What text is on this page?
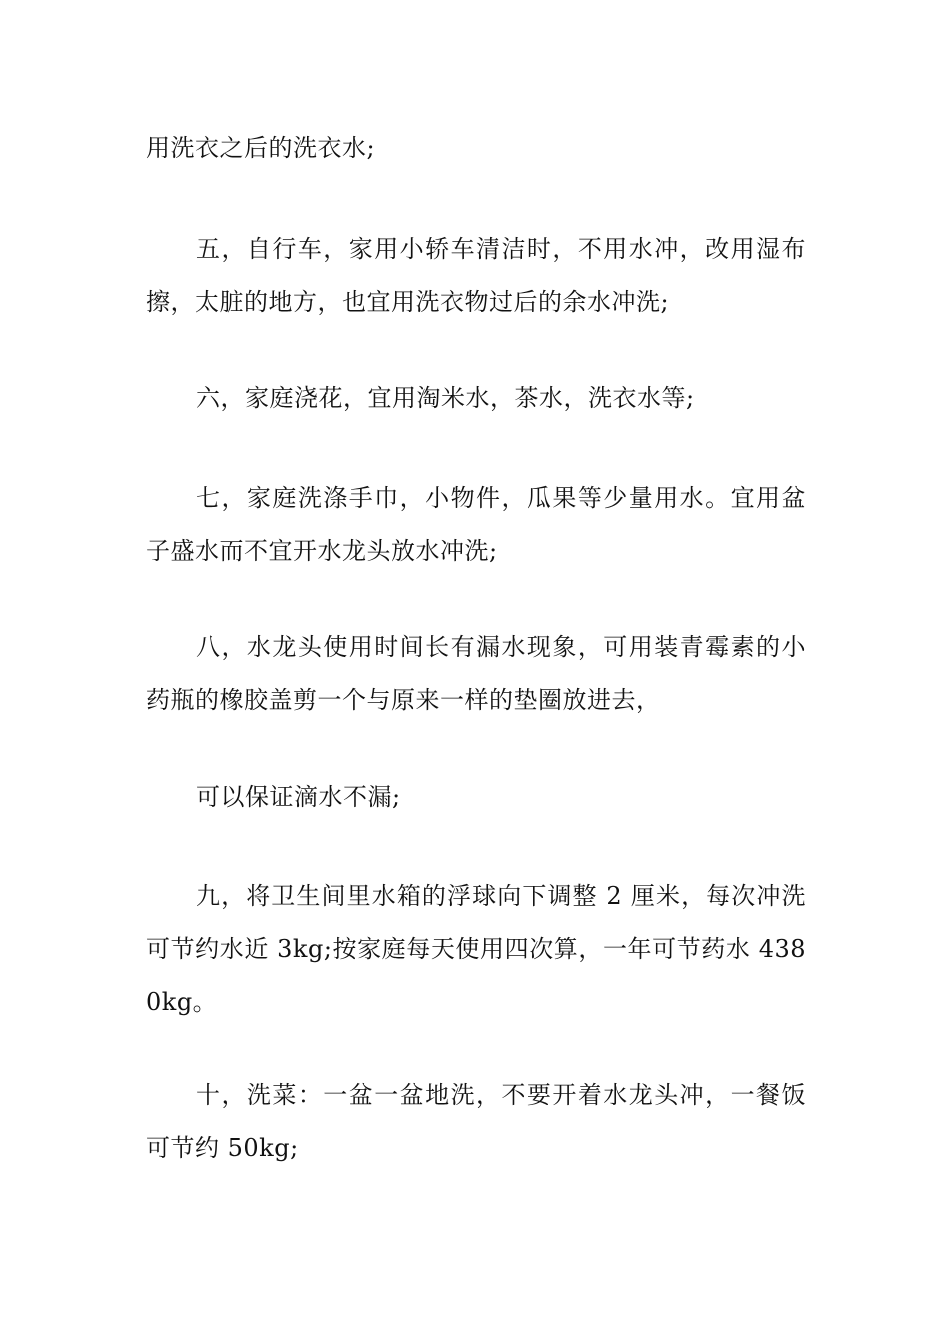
用洗衣之后的洗衣水;

五，自行车，家用小轿车清洁时，不用水冲，改用湿布擦，太脏的地方，也宜用洗衣物过后的余水冲洗;

六，家庭浇花，宜用淘米水，茶水，洗衣水等;

七，家庭洗涤手巾，小物件，瓜果等少量用水。宜用盆子盛水而不宜开水龙头放水冲洗;

八，水龙头使用时间长有漏水现象，可用装青霉素的小药瓶的橡胶盖剪一个与原来一样的垫圈放进去，

可以保证滴水不漏;

九，将卫生间里水箱的浮球向下调整 2 厘米，每次冲洗可节约水近 3kg;按家庭每天使用四次算，一年可节药水 4380kg。

十，洗菜：一盆一盆地洗，不要开着水龙头冲，一餐饭可节约 50kg;
